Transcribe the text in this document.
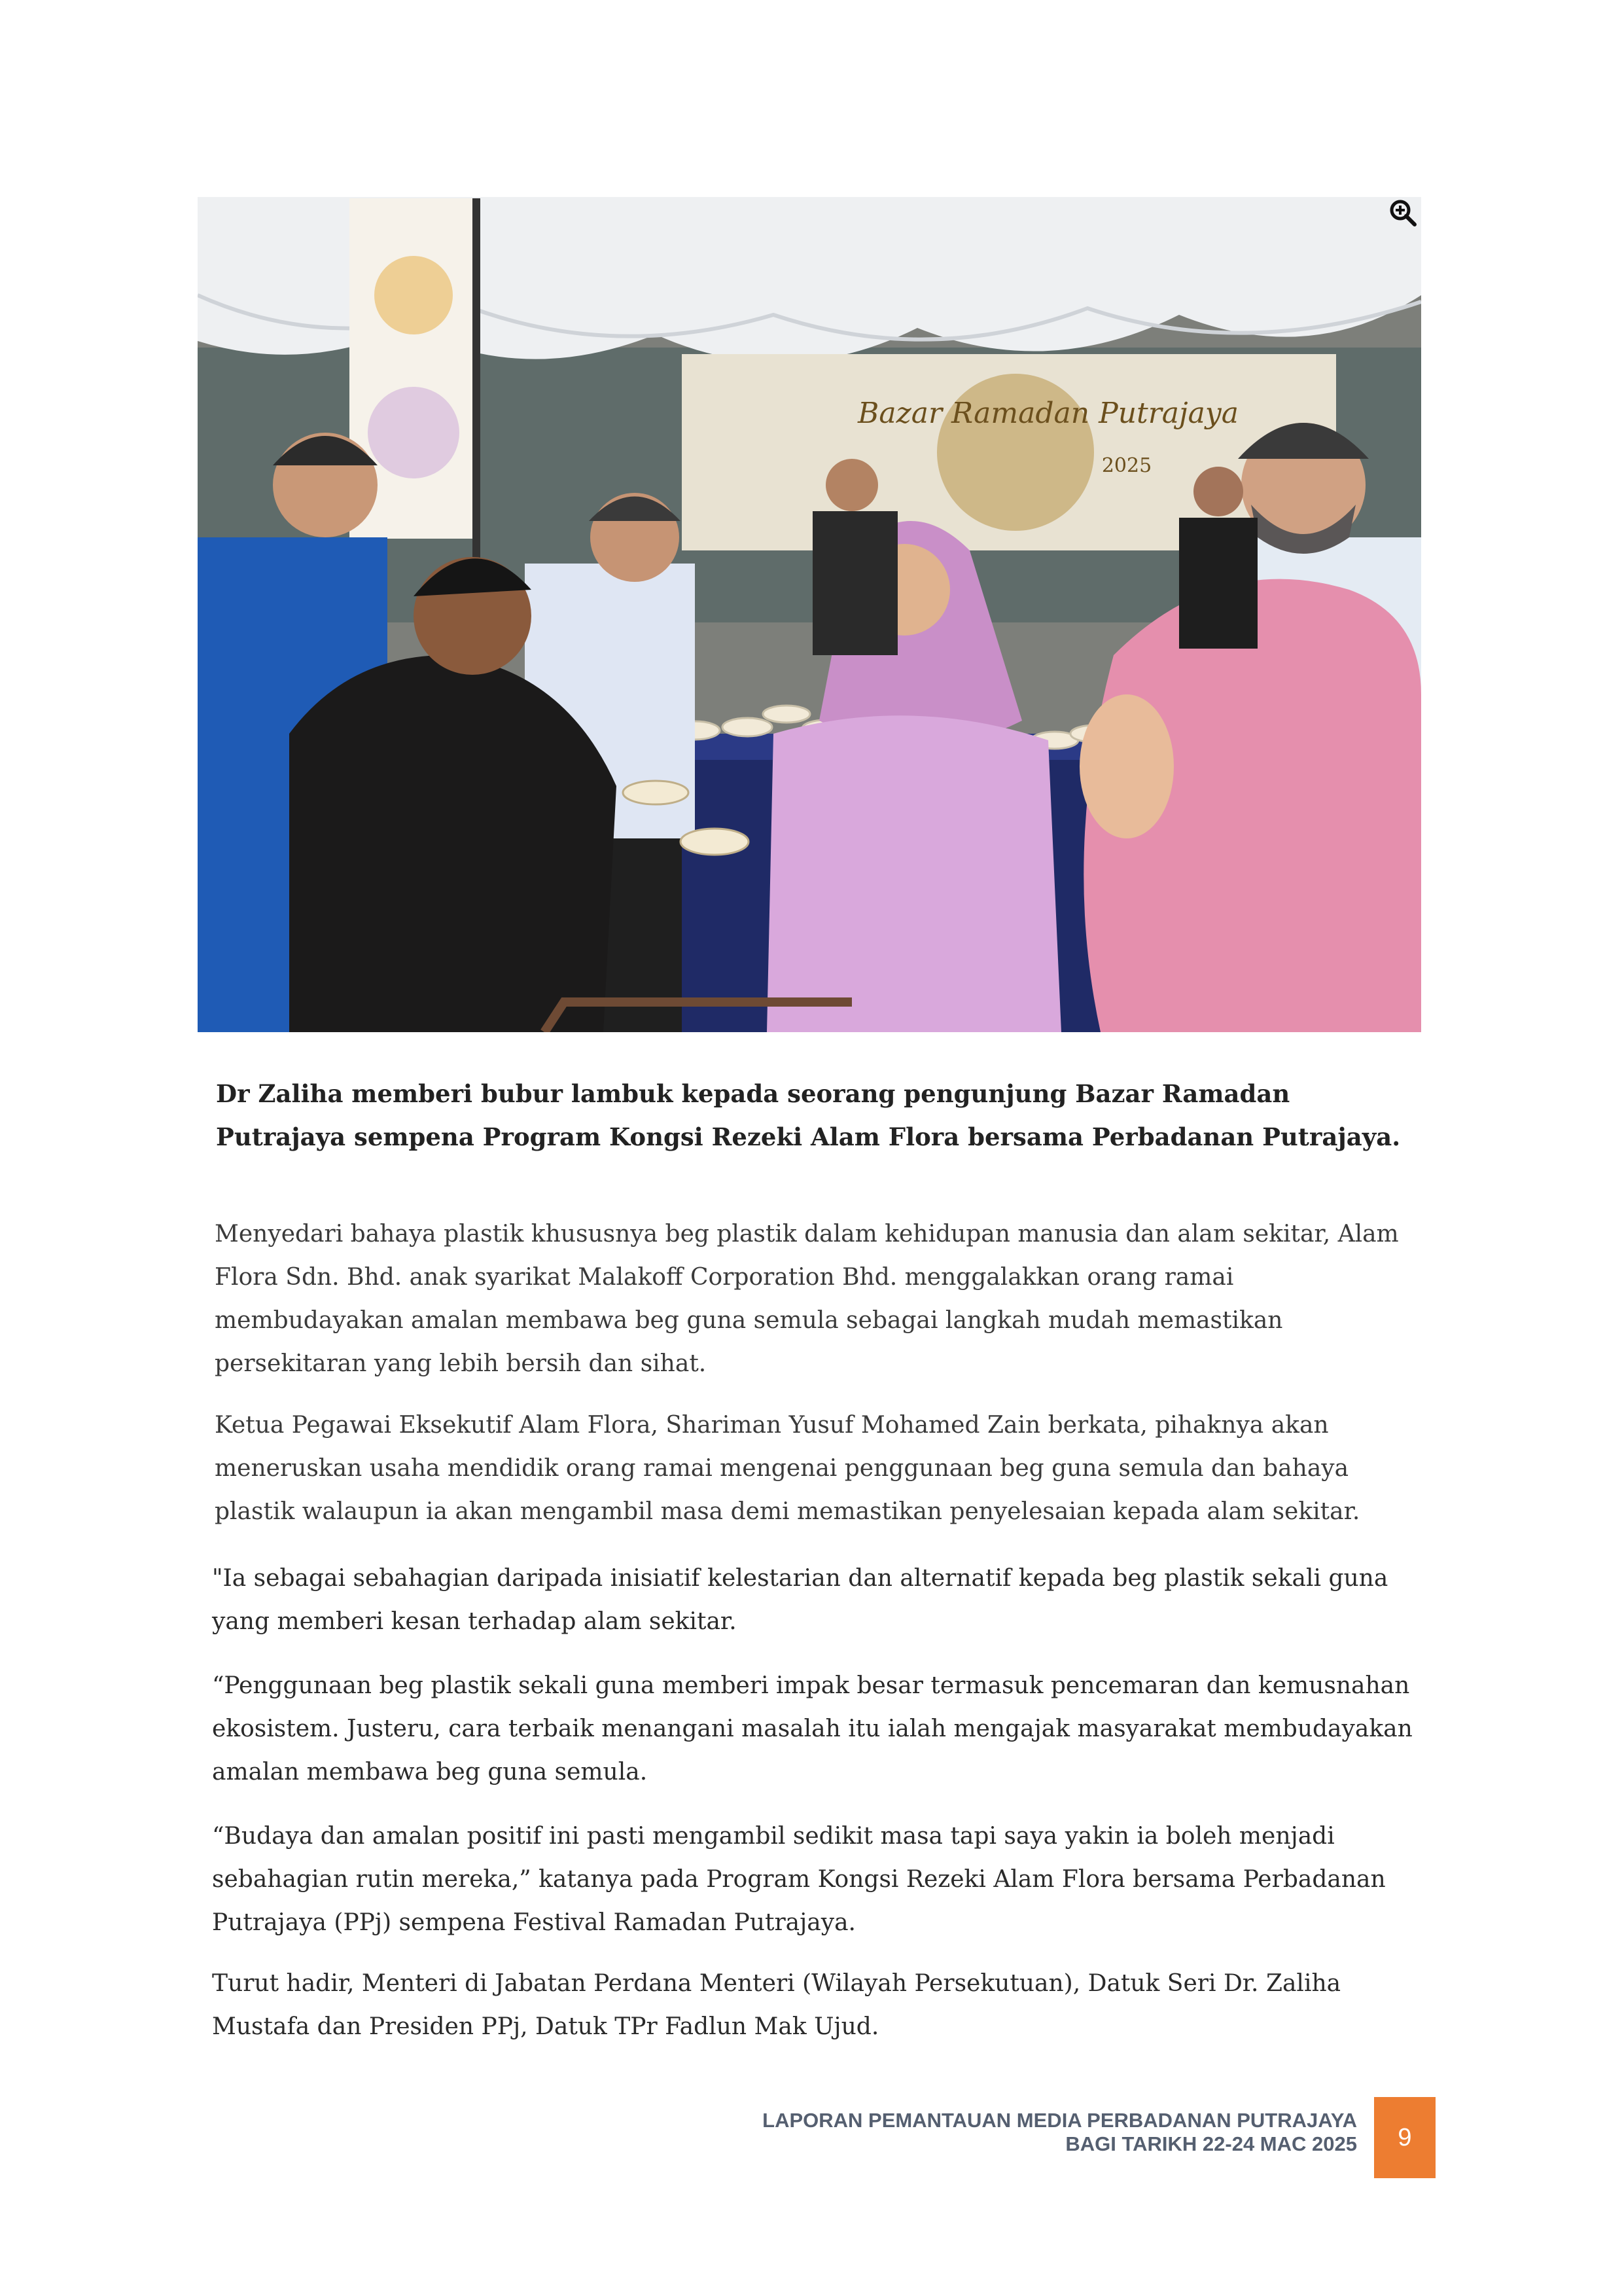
Bazar Ramadan Putrajaya
2025

Dr Zaliha memberi bubur lambuk kepada seorang pengunjung Bazar Ramadan Putrajaya sempena Program Kongsi Rezeki Alam Flora bersama Perbadanan Putrajaya.

Menyedari bahaya plastik khususnya beg plastik dalam kehidupan manusia dan alam sekitar, Alam Flora Sdn. Bhd. anak syarikat Malakoff Corporation Bhd. menggalakkan orang ramai membudayakan amalan membawa beg guna semula sebagai langkah mudah memastikan persekitaran yang lebih bersih dan sihat.

Ketua Pegawai Eksekutif Alam Flora, Shariman Yusuf Mohamed Zain berkata, pihaknya akan meneruskan usaha mendidik orang ramai mengenai penggunaan beg guna semula dan bahaya plastik walaupun ia akan mengambil masa demi memastikan penyelesaian kepada alam sekitar.

"Ia sebagai sebahagian daripada inisiatif kelestarian dan alternatif kepada beg plastik sekali guna yang memberi kesan terhadap alam sekitar.

“Penggunaan beg plastik sekali guna memberi impak besar termasuk pencemaran dan kemusnahan ekosistem. Justeru, cara terbaik menangani masalah itu ialah mengajak masyarakat membudayakan amalan membawa beg guna semula.

“Budaya dan amalan positif ini pasti mengambil sedikit masa tapi saya yakin ia boleh menjadi sebahagian rutin mereka,” katanya pada Program Kongsi Rezeki Alam Flora bersama Perbadanan Putrajaya (PPj) sempena Festival Ramadan Putrajaya.

Turut hadir, Menteri di Jabatan Perdana Menteri (Wilayah Persekutuan), Datuk Seri Dr. Zaliha Mustafa dan Presiden PPj, Datuk TPr Fadlun Mak Ujud.

LAPORAN PEMANTAUAN MEDIA PERBADANAN PUTRAJAYA
BAGI TARIKH 22-24 MAC 2025	9
